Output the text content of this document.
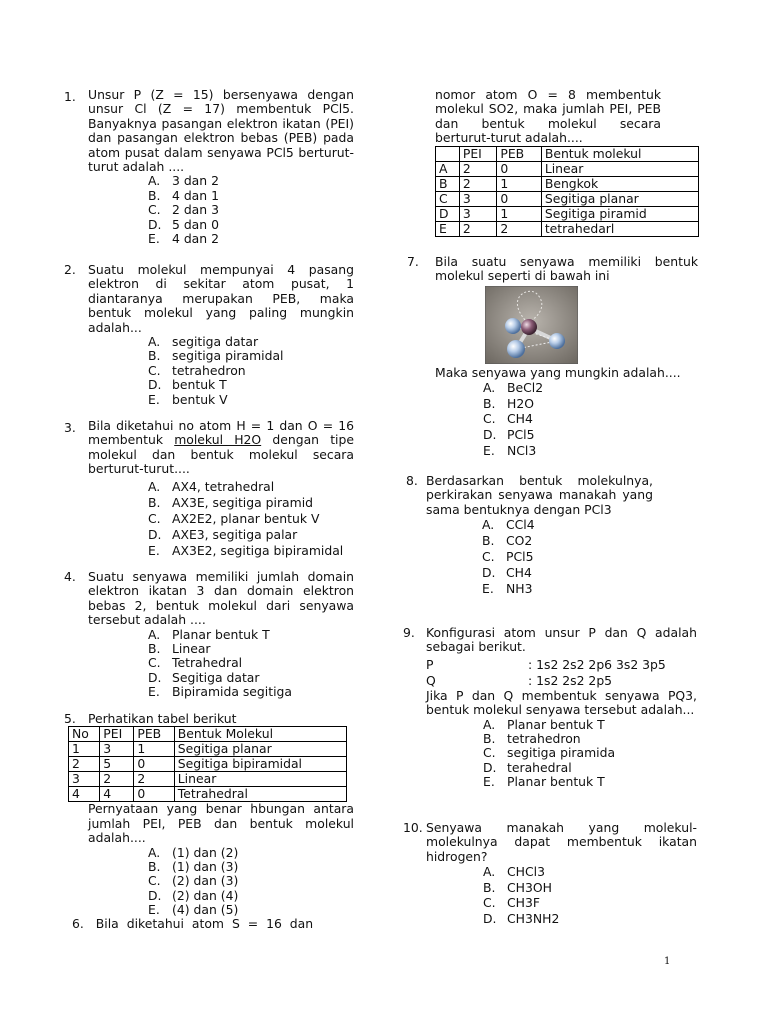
1. Unsur P (Z = 15) bersenyawa dengan unsur Cl (Z = 17) membentuk PCl5. Banyaknya pasangan elektron ikatan (PEI) dan pasangan elektron bebas (PEB) pada atom pusat dalam senyawa PCl5 berturut-turut adalah ....
A. 3 dan 2
B. 4 dan 1
C. 2 dan 3
D. 5 dan 0
E. 4 dan 2
2. Suatu molekul mempunyai 4 pasang elektron di sekitar atom pusat, 1 diantaranya merupakan PEB, maka bentuk molekul yang paling mungkin adalah...
A. segitiga datar
B. segitiga piramidal
C. tetrahedron
D. bentuk T
E. bentuk V
3. Bila diketahui no atom H = 1 dan O = 16 membentuk molekul H2O dengan tipe molekul dan bentuk molekul secara berturut-turut....
A. AX4, tetrahedral
B. AX3E, segitiga piramid
C. AX2E2, planar bentuk V
D. AXE3, segitiga palar
E. AX3E2, segitiga bipiramidal
4. Suatu senyawa memiliki jumlah domain elektron ikatan 3 dan domain elektron bebas 2, bentuk molekul dari senyawa tersebut adalah ....
A. Planar bentuk T
B. Linear
C. Tetrahedral
D. Segitiga datar
E. Bipiramida segitiga
5. Perhatikan tabel berikut
No	PEI	PEB	Bentuk Molekul
1	3	1	Segitiga planar
2	5	0	Segitiga bipiramidal
3	2	2	Linear
4	4	0	Tetrahedral
Pernyataan yang benar hbungan antara jumlah PEI, PEB dan bentuk molekul adalah....
A. (1) dan (2)
B. (1) dan (3)
C. (2) dan (3)
D. (2) dan (4)
E. (4) dan (5)
6. Bila diketahui atom S = 16 dan
nomor atom O = 8 membentuk molekul SO2, maka jumlah PEI, PEB dan bentuk molekul secara berturut-turut adalah....
	PEI	PEB	Bentuk molekul
A	2	0	Linear
B	2	1	Bengkok
C	3	0	Segitiga planar
D	3	1	Segitiga piramid
E	2	2	tetrahedarl
7. Bila suatu senyawa memiliki bentuk molekul seperti di bawah ini
Maka senyawa yang mungkin adalah....
A. BeCl2
B. H2O
C. CH4
D. PCl5
E. NCl3
8. Berdasarkan bentuk molekulnya, perkirakan senyawa manakah yang sama bentuknya dengan PCl3
A. CCl4
B. CO2
C. PCl5
D. CH4
E. NH3
9. Konfigurasi atom unsur P dan Q adalah sebagai berikut.
P	: 1s2 2s2 2p6 3s2 3p5
Q	: 1s2 2s2 2p5
Jika P dan Q membentuk senyawa PQ3, bentuk molekul senyawa tersebut adalah...
A. Planar bentuk T
B. tetrahedron
C. segitiga piramida
D. terahedral
E. Planar bentuk T
10. Senyawa manakah yang molekul-molekulnya dapat membentuk ikatan hidrogen?
A. CHCl3
B. CH3OH
C. CH3F
D. CH3NH2
1
